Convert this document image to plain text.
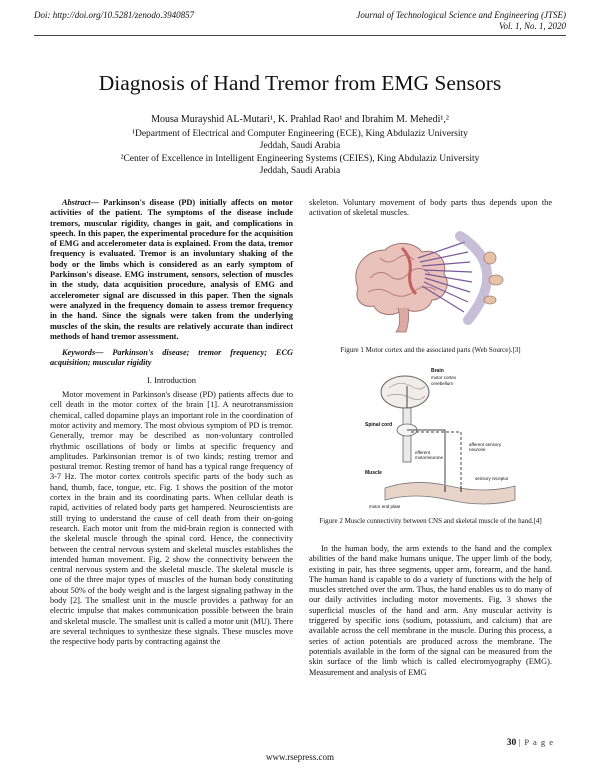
Doi: http://doi.org/10.5281/zenodo.3940857	Journal of Technological Science and Engineering (JTSE)
Vol. 1, No. 1, 2020
Diagnosis of Hand Tremor from EMG Sensors
Mousa Murayshid AL-Mutari¹, K. Prahlad Rao¹ and Ibrahim M. Mehedi¹,²
¹Department of Electrical and Computer Engineering (ECE), King Abdulaziz University
Jeddah, Saudi Arabia
²Center of Excellence in Intelligent Engineering Systems (CEIES), King Abdulaziz University
Jeddah, Saudi Arabia

Abstract— Parkinson's disease (PD) initially affects on motor activities of the patient. The symptoms of the disease include tremors, muscular rigidity, changes in gait, and complications in speech. In this paper, the experimental procedure for the acquisition of EMG and accelerometer data is explained. From the data, tremor frequency is evaluated. Tremor is an involuntary shaking of the body or the limbs which is considered as an early symptom of Parkinson's disease. EMG instrument, sensors, selection of muscles in the study, data acquisition procedure, analysis of EMG and accelerometer signal are discussed in this paper. Then the signals were analyzed in the frequency domain to assess tremor frequency in the hand. Since the signals were taken from the underlying muscles of the skin, the results are relatively accurate than indirect methods of hand tremor assessment.

Keywords— Parkinson's disease; tremor frequency; ECG acquisition; muscular rigidity

I. Introduction

Motor movement in Parkinson's disease (PD) patients affects due to cell death in the motor cortex of the brain [1]. A neurotransmission chemical, called dopamine plays an important role in the coordination of motor activity and memory. The most obvious symptom of PD is tremor. Generally, tremor may be described as non-voluntary controlled rhythmic oscillations of body or limbs at specific frequency and amplitudes. Parkinsonian tremor is of two kinds; resting tremor and postural tremor. Resting tremor of hand has a typical range frequency of 3-7 Hz. The motor cortex controls specific parts of the body such as hand, thumb, face, tongue, etc. Fig. 1 shows the position of the motor cortex in the brain and its coordinating parts. When cellular death is rapid, activities of related body parts get hampered. Neuroscientists are still trying to understand the cause of cell death from their on-going research. Each motor unit from the mid-brain region is connected with the skeletal muscle through the spinal cord. Hence, the connectivity between the central nervous system and skeletal muscles establishes the intended human movement. Fig. 2 show the connectivity between the central nervous system and the skeletal muscle. The skeletal muscle is one of the three major types of muscles of the human body constituting about 50% of the body weight and is the largest signaling pathway in the body [2]. The smallest unit in the muscle provides a pathway for an electric impulse that makes communication possible between the brain and skeletal muscle. The smallest unit is called a motor unit (MU). There are several techniques to synthesize these signals. These muscles move the respective body parts by contracting against the

skeleton. Voluntary movement of body parts thus depends upon the activation of skeletal muscles.

Figure 1 Motor cortex and the associated parts (Web Source).[3]
Brain
motor cortex
cerebellum
Spinal cord
efferent motorneurone
afferent sensory neurone
Muscle
sensory receptor
motor end plate
Figure 2 Muscle connectivity between CNS and skeletal muscle of the hand.[4]

In the human body, the arm extends to the hand and the complex abilities of the hand make humans unique. The upper limb of the body, existing in pair, has three segments, upper arm, forearm, and the hand. The human hand is capable to do a variety of functions with the help of muscles stretched over the arm. Thus, the hand enables us to do many of our daily activities including motor movements. Fig. 3 shows the superficial muscles of the hand and arm. Any muscular activity is triggered by specific ions (sodium, potassium, and calcium) that are available across the cell membrane in the muscle. During this process, a series of action potentials are produced across the membrane. The potentials available in the form of the signal can be measured from the skin surface of the limb which is called electromyography (EMG). Measurement and analysis of EMG

30 | P a g e
www.rsepress.com
